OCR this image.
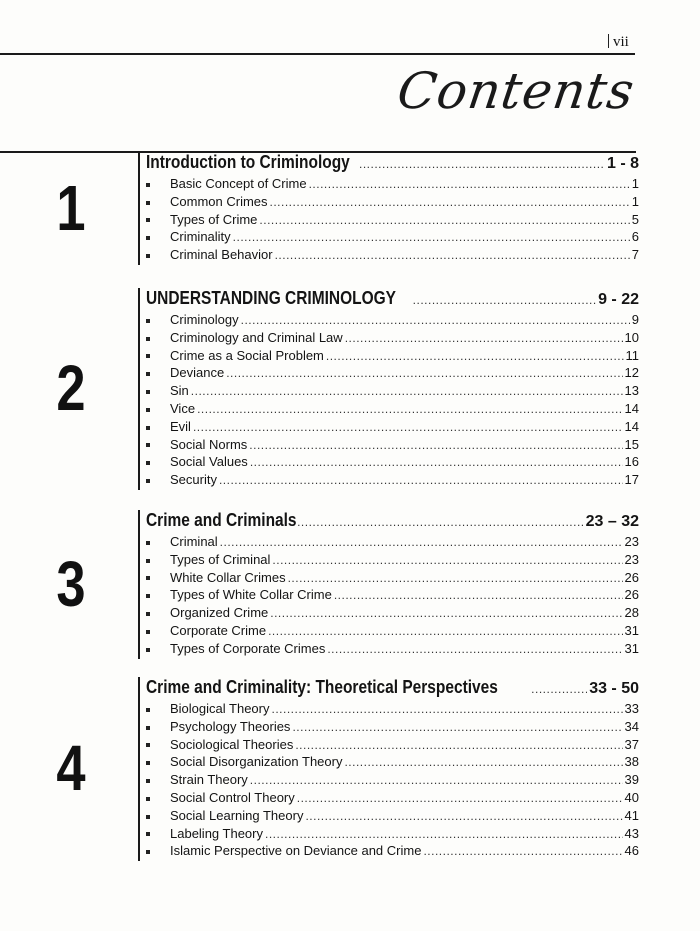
vii
Contents
1
Introduction to Criminology .....	1 - 8
Basic Concept of Crime .....	1
Common Crimes .....	1
Types of Crime .....	5
Criminality .....	6
Criminal Behavior .....	7
2
UNDERSTANDING CRIMINOLOGY .....	9 - 22
Criminology .....	9
Criminology and Criminal Law .....	10
Crime as a Social Problem .....	11
Deviance .....	12
Sin .....	13
Vice .....	14
Evil .....	14
Social Norms .....	15
Social Values .....	16
Security .....	17
3
Crime and Criminals .....	23 – 32
Criminal .....	23
Types of Criminal .....	23
White Collar Crimes .....	26
Types of White Collar Crime .....	26
Organized Crime .....	28
Corporate Crime .....	31
Types of Corporate Crimes .....	31
4
Crime and Criminality: Theoretical Perspectives .....	33 - 50
Biological Theory .....	33
Psychology Theories .....	34
Sociological Theories .....	37
Social Disorganization Theory .....	38
Strain Theory .....	39
Social Control Theory .....	40
Social Learning Theory .....	41
Labeling Theory .....	43
Islamic Perspective on Deviance and Crime .....	46
